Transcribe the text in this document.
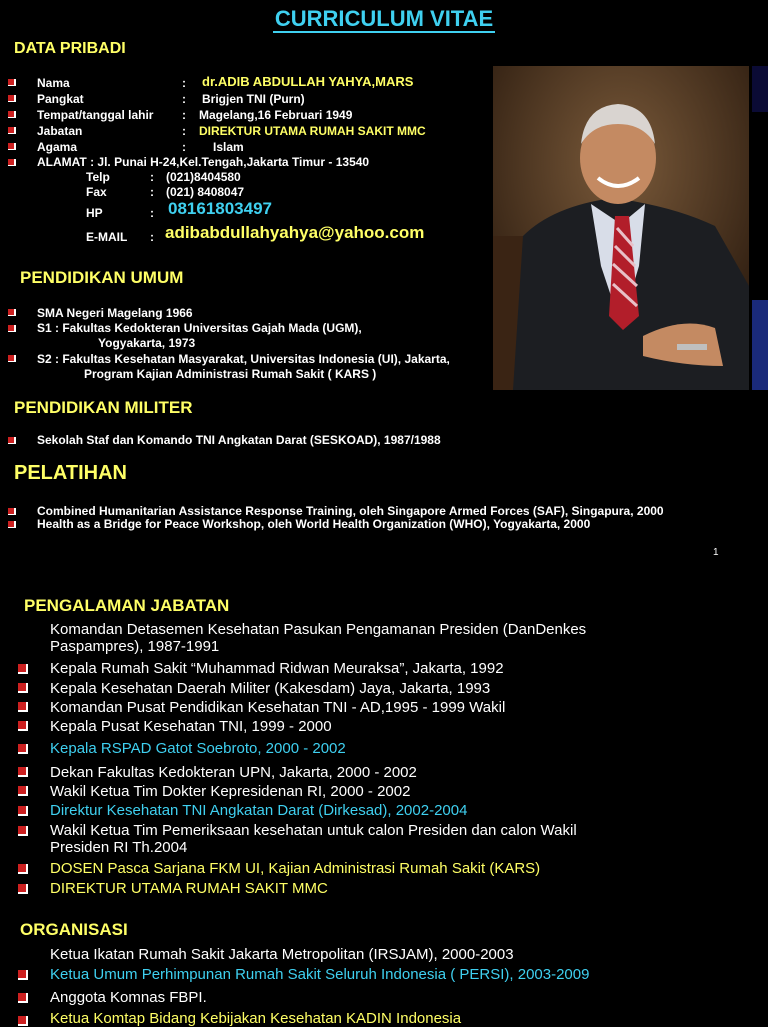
CURRICULUM VITAE
DATA PRIBADI
Nama	: dr.ADIB ABDULLAH YAHYA,MARS
Pangkat	: Brigjen TNI (Purn)
Tempat/tanggal lahir : Magelang,16 Februari 1949
Jabatan	: DIREKTUR UTAMA RUMAH SAKIT MMC
Agama	: Islam
ALAMAT : Jl. Punai H-24,Kel.Tengah,Jakarta Timur - 13540
Telp	: (021)8404580
Fax	: (021) 8408047
HP	: 08161803497
E-MAIL : adibabdullahyahya@yahoo.com
PENDIDIKAN UMUM
SMA Negeri Magelang 1966
S1 : Fakultas Kedokteran Universitas Gajah Mada (UGM),
Yogyakarta, 1973
S2 : Fakultas Kesehatan Masyarakat, Universitas Indonesia (UI), Jakarta,
Program Kajian Administrasi Rumah Sakit ( KARS )
PENDIDIKAN MILITER
Sekolah Staf dan Komando TNI Angkatan Darat (SESKOAD), 1987/1988
PELATIHAN
Combined Humanitarian Assistance Response Training, oleh Singapore Armed Forces (SAF), Singapura, 2000
Health as a Bridge for Peace Workshop, oleh World Health Organization (WHO), Yogyakarta, 2000
1
PENGALAMAN JABATAN
Komandan Detasemen Kesehatan Pasukan Pengamanan Presiden (DanDenkes
Paspampres), 1987-1991
Kepala Rumah Sakit “Muhammad Ridwan Meuraksa”, Jakarta, 1992
Kepala Kesehatan Daerah Militer (Kakesdam) Jaya, Jakarta, 1993
Komandan Pusat Pendidikan Kesehatan TNI - AD,1995 - 1999 Wakil
Kepala Pusat Kesehatan TNI, 1999 - 2000
Kepala RSPAD Gatot Soebroto, 2000 - 2002
Dekan Fakultas Kedokteran UPN, Jakarta, 2000 - 2002
Wakil Ketua Tim Dokter Kepresidenan RI, 2000 - 2002
Direktur Kesehatan TNI Angkatan Darat (Dirkesad), 2002-2004
Wakil Ketua Tim Pemeriksaan kesehatan untuk calon Presiden dan calon Wakil
Presiden RI Th.2004
DOSEN Pasca Sarjana FKM UI, Kajian Administrasi Rumah Sakit (KARS)
DIREKTUR UTAMA RUMAH SAKIT MMC
ORGANISASI
Ketua Ikatan Rumah Sakit Jakarta Metropolitan (IRSJAM), 2000-2003
Ketua Umum Perhimpunan Rumah Sakit Seluruh Indonesia ( PERSI), 2003-2009
Anggota Komnas FBPI.
Ketua Komtap Bidang Kebijakan Kesehatan KADIN Indonesia
